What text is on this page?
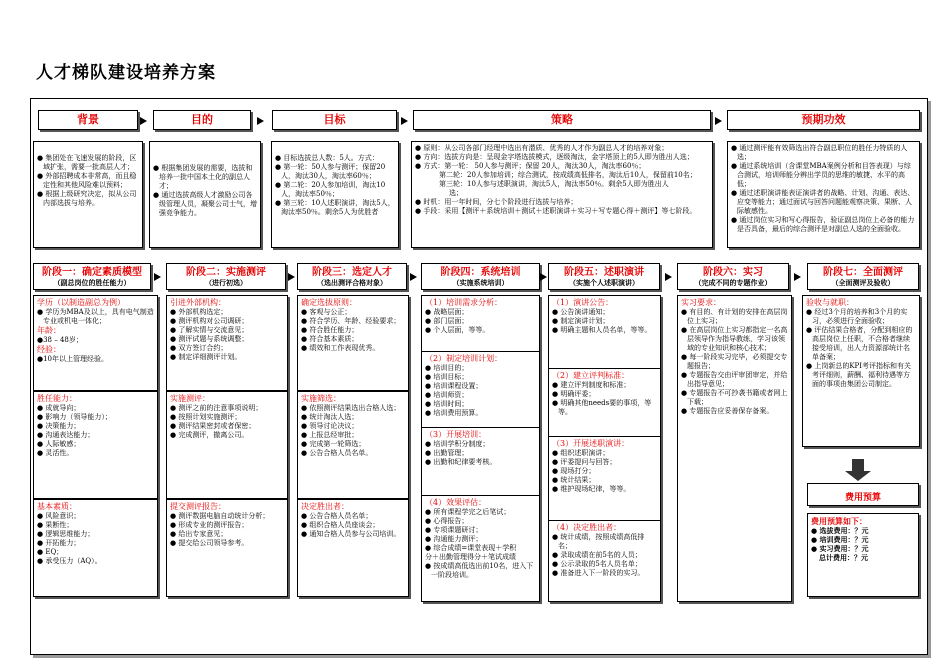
人才梯队建设培养方案
背景	目的	目标	策略	预期功效

● 集团处在飞速发展的阶段，区域扩张，需要一批高层人才；

● 外部招聘成本非常高，而且稳定性和其他风险难以预料；

● 根据上级研究决定，拟从公司内部选拔与培养。

● 根据集团发展的需要，选拔和培养一批中国本土化的副总人才；

● 通过选拔高级人才激励公司各级管理人员，凝聚公司士气，增强竞争能力。

● 目标选拔总人数：5人。方式：

● 第一轮：50人参与测评；保留20人，淘汰30人，淘汰率60％；

● 第二轮：20人参加培训，淘汰10人，淘汰率50％；

● 第三轮：10人述职演讲，淘汰5人，淘汰率50％。剩余5人为优胜者

● 原则：从公司各部门经理中选出有潜质、优秀的人才作为副总人才的培养对象；

● 方向：选拔方向是：呈现金字塔选拔模式，逐级淘汰，金字塔顶上的5人即为胜出人选；

● 方式：第一轮： 50人参与测评；保留 20人，淘汰30人，淘汰率60％；

第二轮：20人参加培训；综合测试，按成绩高低排名，淘汰后10人，保留前10名；

第三轮：10人参与述职演讲，淘汰5人，淘汰率50％。剩余5人即为胜出人

选；

● 时机：用一年时间，分七个阶段进行选拔与培养；

● 手段：采用【测评＋系统培训＋测试＋述职演讲＋实习＋写专题心得＋测评】等七阶段。

● 通过测评能有效筛选出符合副总职位的胜任力特质的人选；

● 通过系统培训（含课堂MBA案例分析和目答表现）与综合测试，培训师能分辨出学员的思维的敏捷、水平的高低；

● 通过述职演讲能表证演讲者的战略、计划、沟通、表达、应变等能力；通过面试与回答问题能观察决策、果断、人际敏感性。

● 通过岗位实习和写心得报告，验证副总岗位上必备的能力是否具备，最后的综合测评是对副总人选的全面验收。

阶段一：确定素质模型
（副总岗位的胜任能力）
阶段二：实施测评
（进行初选）
阶段三：选定人才
（选出测评合格对象）
阶段四：系统培训
（实施系统培训）
阶段五：述职演讲
（实施个人述职演讲）
阶段六：实习
（完成不同的专题作业）
阶段七：全面测评
（全面测评及验收）
学历（以制造副总为例）

● 学历为MBA及以上，具有电气制造专业或机电一体化；

年龄：

●38 – 48岁；

经验：

●10年以上管理经验。

胜任能力：

● 成就导向；

● 影响力（领导能力）；

● 决策能力；

● 沟通表达能力；

● 人际敏感；

● 灵活性。

基本素质：

● 风险意识；

● 果断性；

● 逻辑思维能力；

● 开拓能力；

● EQ；

● 承受压力（AQ）。

引进外部机构：

● 外部机构选定；

● 测评机构对公司调研；

● 了解实情与交流意见；

● 测评试题与系统调整；

● 双方签订合约；

● 制定详细测评计划。

实施测评：

● 测评之前的注意事项说明；

● 按照计划实施测评；

● 测评结果密封或者保密；

● 完成测评，撤离公司。

提交测评报告：

● 测评数据电脑自动统计分析；

● 形成专业的测评报告；

● 给出专家意见；

● 提交给公司领导参考。

确定选拔原则：

● 客观与公正；

● 符合学历、年龄、经验要求；

● 符合胜任能力；

● 符合基本素质；

● 绩效和工作表现优秀。

实施筛选：

● 依照测评结果选出合格人选；

● 统计淘汰人选；

● 领导讨论决议；

● 上报总经审批；

● 完成第一轮筛选；

● 公告合格人员名单。

决定胜出者：

● 公告合格人员名单；

● 组织合格人员座谈会；

● 通知合格人员参与公司培训。

（1）培训需求分析：

● 战略层面；

● 部门层面；

● 个人层面，等等。

（2）制定培训计划：

● 培训目的；

● 培训目标；

● 培训课程设置；

● 培训师资；

● 培训时间；

● 培训费用预算。

（3）开展培训：

● 培训学积分制度；

● 出勤管理；

● 出勤和纪律要考核。

（4）效果评估：

● 所有课程学完之后笔试；

● 心得报告；

● 专项课题研讨；

● 沟通能力测评；

● 综合成绩=课堂表现＋学积

分＋出勤管理得分＋笔试成绩

● 按成绩高低选出前10名，进入下一阶段培训。

（1）演讲公告：

● 公告演讲通知；

● 制定演讲计划；

● 明确主题和人员名单，等等。

（2）建立评判标准：

● 建立评判制度和标准；

● 明确评委；

● 明确其他needs要的事项，等等。

（3）开展述职演讲：

● 组织述职演讲；

● 评委提问与回答；

● 现场打分；

● 统计结果；

● 维护现场纪律，等等。

（4）决定胜出者：

● 统计成绩，按照成绩高低排名；

● 录取成绩在前5名的人员；

● 公示录取的5名人员名单；

● 准备进入下一阶段的实习。

实习要求：

● 有目的、有计划的安排在高层岗位上实习；

● 在高层岗位上实习都指定一名高层领导作为指导教练，学习该领域的专业知识和核心技术；

● 每一阶段实习完毕，必须提交专题报告；

● 专题报告交由评审团审定，并给出指导意见；

● 专题报告不可抄袭书籍或者网上下载；

● 专题报告应妥善保存备案。

验收与就职：

● 经过3个月的培养和3个月的实习，必须进行全面验收；

● 评估结果合格者，分配到相应的高层岗位上任职，不合格者继续接受培训，出人力资源部统计名单备案；

● 上岗新总的KPI考评指标和有关考评细则，薪酬、福利待遇等方面的事项由集团公司制定。

费用预算
费用预算如下：

● 选拔费用：？元

● 培训费用：？元

● 实习费用：？元

总计费用：？元
